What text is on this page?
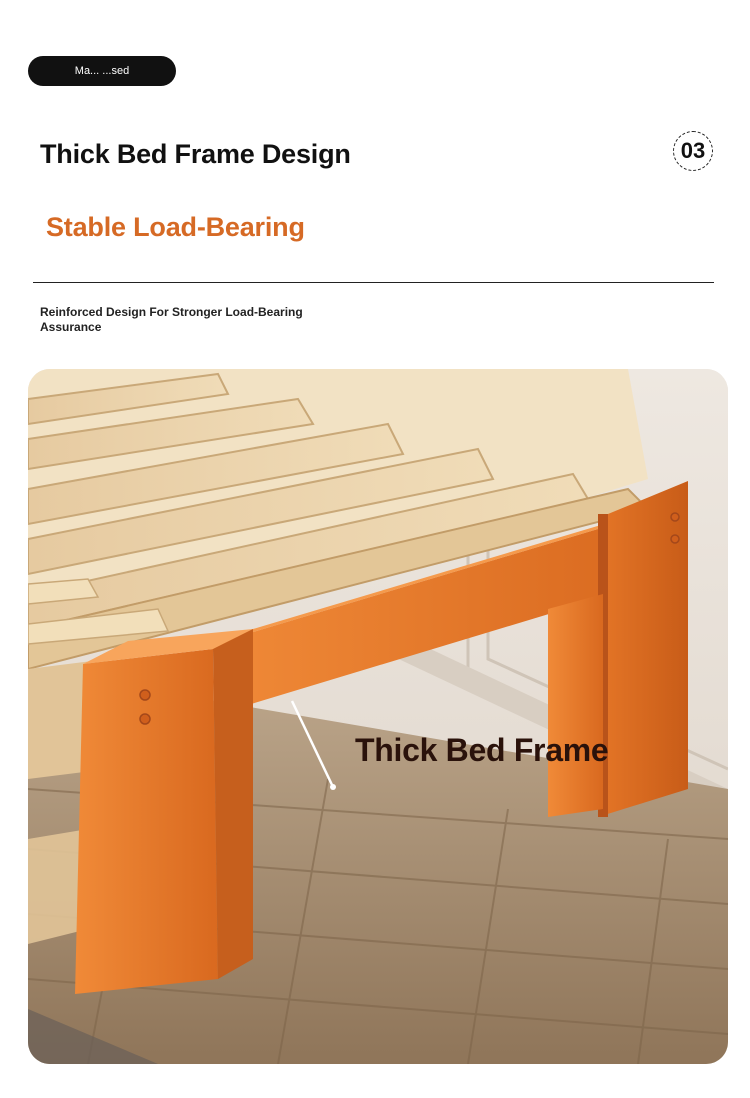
Ma... ...sed
Thick Bed Frame Design
Stable Load-Bearing
03
Reinforced Design For Stronger Load-Bearing Assurance
Thick Bed Frame
